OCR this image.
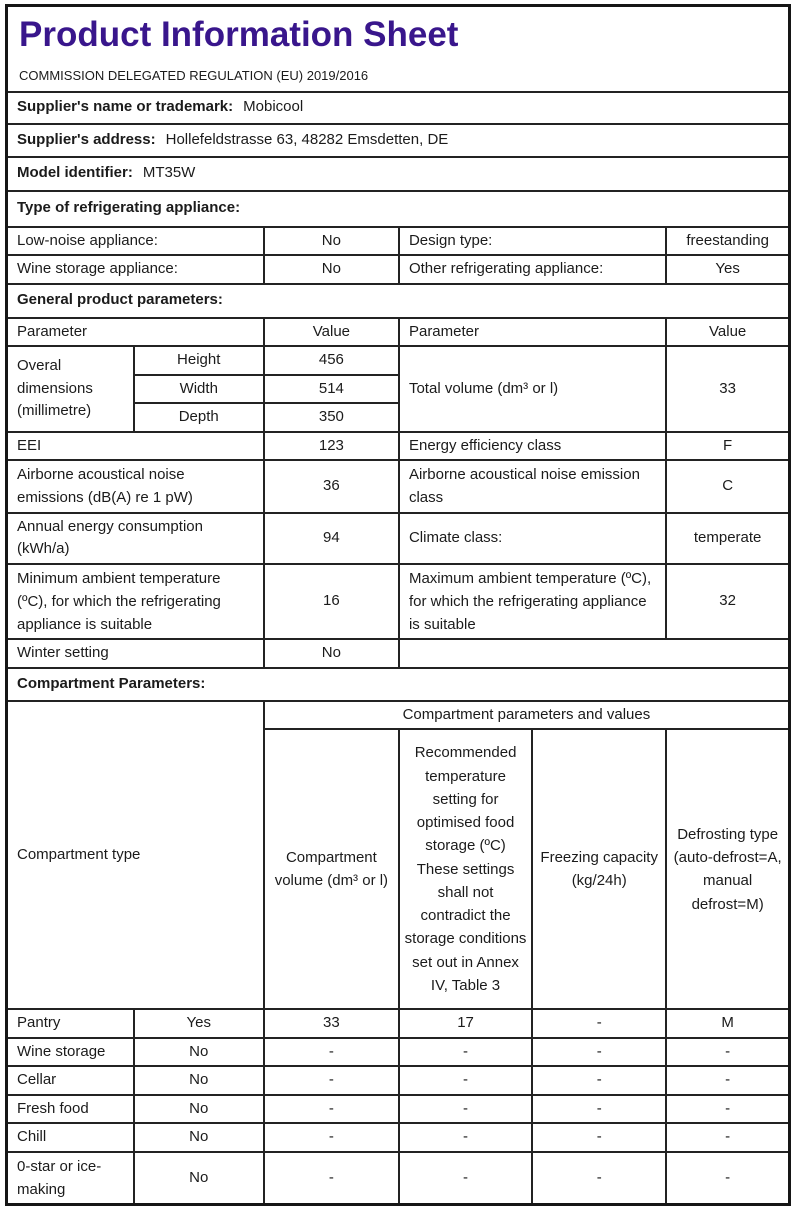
Product Information Sheet
COMMISSION DELEGATED REGULATION (EU) 2019/2016					

Supplier's name or trademark: Mobicool					
Supplier's address: Hollefeldstrasse 63, 48282 Emsdetten, DE					
Model identifier: MT35W					
Type of refrigerating appliance:					
Low-noise appliance:		No	Design type:		freestanding
Wine storage appliance:		No	Other refrigerating appliance:		Yes
General product parameters:					
Parameter		Value	Parameter		Value
Overal dimensions (millimetre)	Height	456	Total volume (dm³ or l)		33
	Width	514			
	Depth	350			
EEI		123	Energy efficiency class		F
Airborne acoustical noise emissions (dB(A) re 1 pW)		36	Airborne acoustical noise emission class		C
Annual energy consumption (kWh/a)		94	Climate class:		temperate
Minimum ambient temperature (ºC), for which the refrigerating appliance is suitable		16	Maximum ambient temperature (ºC), for which the refrigerating appliance is suitable		32
Winter setting		No			
Compartment Parameters:					
Compartment type		Compartment parameters and values			
		Compartment volume (dm³ or l)	Recommended temperature setting for optimised food storage (ºC) These settings shall not contradict the storage conditions set out in Annex IV, Table 3	Freezing capacity (kg/24h)	Defrosting type (auto-defrost=A, manual defrost=M)
Pantry	Yes	33	17	-	M
Wine storage	No	-	-	-	-
Cellar	No	-	-	-	-
Fresh food	No	-	-	-	-
Chill	No	-	-	-	-
0-star or ice-making	No	-	-	-	-
